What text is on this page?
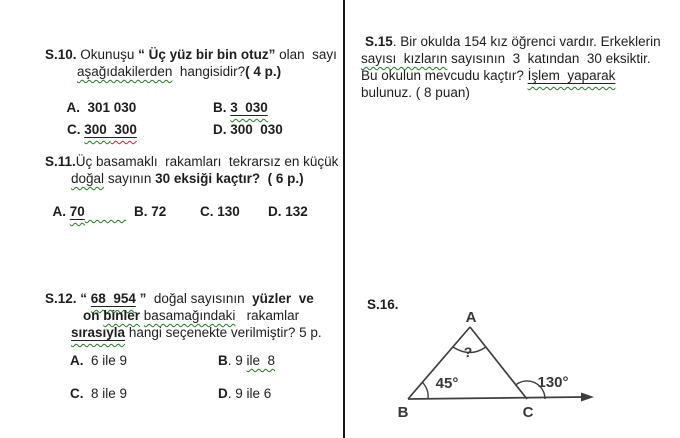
S.10. Okunuşu “ Üç yüz bir bin otuz” olan  sayı

aşağıdakilerden  hangisidir?( 4 p.)

A.  301 030
	B. 3  030

C. 300  300
	D. 300  030

S.11.Üç basamaklı  rakamları  tekrarsız en küçük

doğal sayının 30 eksiği kaçtır?  ( 6 p.)

A. 70
	B. 72
	C. 130
	D. 132

S.12. “ 68  954 ”  doğal sayısının  yüzler  ve

on binler basamağındaki   rakamlar

sırasıyla hangi seçenekte verilmiştir? 5 p.

A.  6 ile 9
	B. 9 ile  8

C.  8 ile 9
	D. 9 ile 6

S.15. Bir okulda 154 kız öğrenci vardır. Erkeklerin

sayısı  kızların sayısının  3  katından  30 eksiktir.

Bu okulun mevcudu kaçtır? İşlem  yaparak

bulunuz. ( 8 puan)

S.16.

A
B	C
?
45°	130°
